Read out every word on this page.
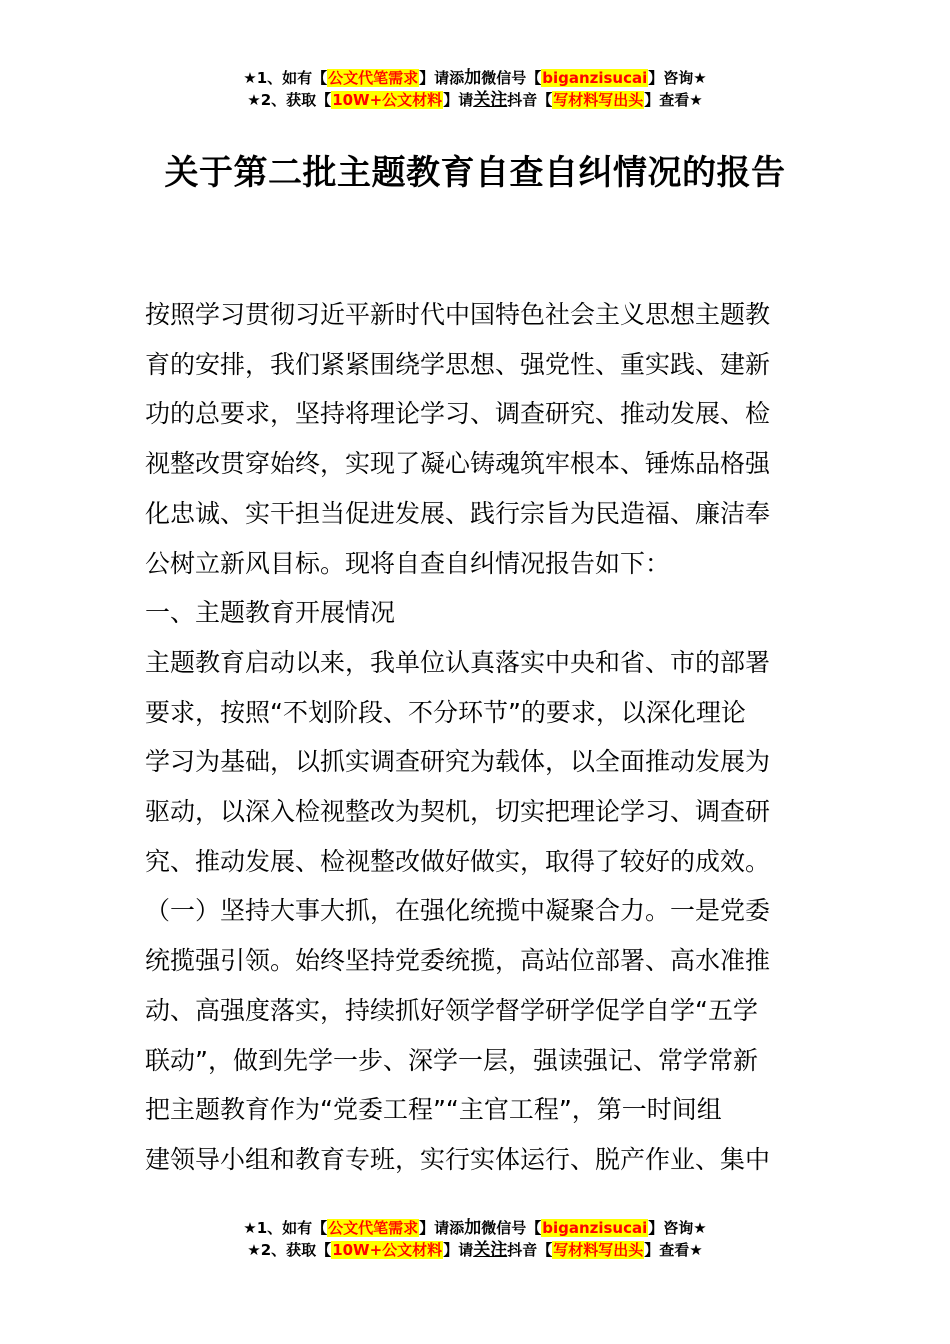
★1、如有【公文代笔需求】请添加微信号【biganzisucai】咨询★
★2、获取【10W+公文材料】请关注抖音【写材料写出头】查看★
关于第二批主题教育自查自纠情况的报告

按照学习贯彻习近平新时代中国特色社会主义思想主题教

育的安排，我们紧紧围绕学思想、强党性、重实践、建新

功的总要求，坚持将理论学习、调查研究、推动发展、检

视整改贯穿始终，实现了凝心铸魂筑牢根本、锤炼品格强

化忠诚、实干担当促进发展、践行宗旨为民造福、廉洁奉

公树立新风目标。现将自查自纠情况报告如下：

一、主题教育开展情况

主题教育启动以来，我单位认真落实中央和省、市的部署

要求，按照“不划阶段、不分环节”的要求，以深化理论

学习为基础，以抓实调查研究为载体，以全面推动发展为

驱动，以深入检视整改为契机，切实把理论学习、调查研

究、推动发展、检视整改做好做实，取得了较好的成效。

（一）坚持大事大抓，在强化统揽中凝聚合力。一是党委

统揽强引领。始终坚持党委统揽，高站位部署、高水准推

动、高强度落实，持续抓好领学督学研学促学自学“五学

联动”，做到先学一步、深学一层，强读强记、常学常新

把主题教育作为“党委工程”“主官工程”，第一时间组

建领导小组和教育专班，实行实体运行、脱产作业、集中

★1、如有【公文代笔需求】请添加微信号【biganzisucai】咨询★
★2、获取【10W+公文材料】请关注抖音【写材料写出头】查看★
